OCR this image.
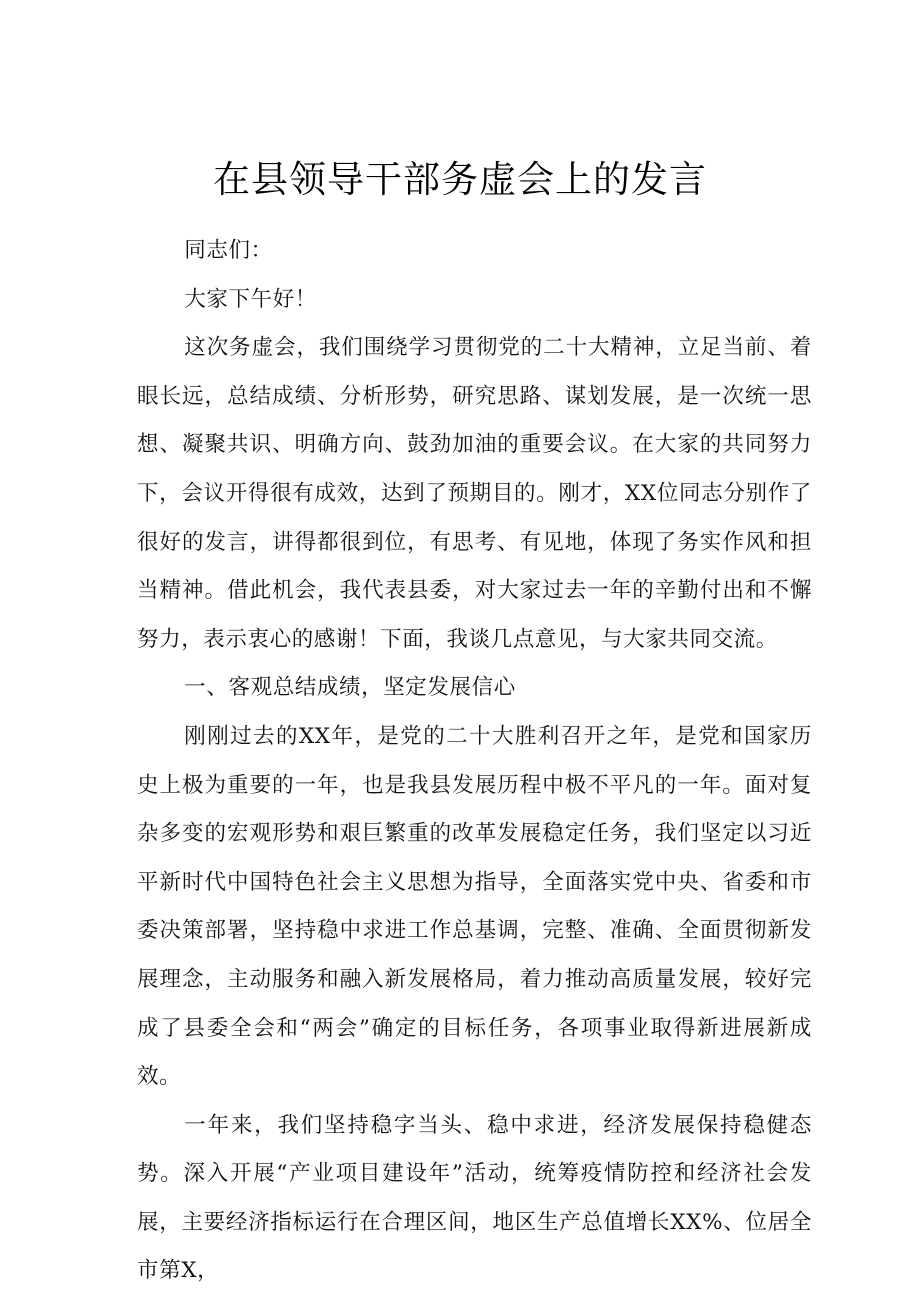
在县领导干部务虚会上的发言

同志们：

大家下午好！

这次务虚会，我们围绕学习贯彻党的二十大精神，立足当前、着眼长远，总结成绩、分析形势，研究思路、谋划发展，是一次统一思想、凝聚共识、明确方向、鼓劲加油的重要会议。在大家的共同努力下，会议开得很有成效，达到了预期目的。刚才，XX位同志分别作了很好的发言，讲得都很到位，有思考、有见地，体现了务实作风和担当精神。借此机会，我代表县委，对大家过去一年的辛勤付出和不懈努力，表示衷心的感谢！下面，我谈几点意见，与大家共同交流。

一、客观总结成绩，坚定发展信心

刚刚过去的XX年，是党的二十大胜利召开之年，是党和国家历史上极为重要的一年，也是我县发展历程中极不平凡的一年。面对复杂多变的宏观形势和艰巨繁重的改革发展稳定任务，我们坚定以习近平新时代中国特色社会主义思想为指导，全面落实党中央、省委和市委决策部署，坚持稳中求进工作总基调，完整、准确、全面贯彻新发展理念，主动服务和融入新发展格局，着力推动高质量发展，较好完成了县委全会和“两会”确定的目标任务，各项事业取得新进展新成效。

一年来，我们坚持稳字当头、稳中求进，经济发展保持稳健态势。深入开展“产业项目建设年”活动，统筹疫情防控和经济社会发展，主要经济指标运行在合理区间，地区生产总值增长XX%、位居全市第X，
